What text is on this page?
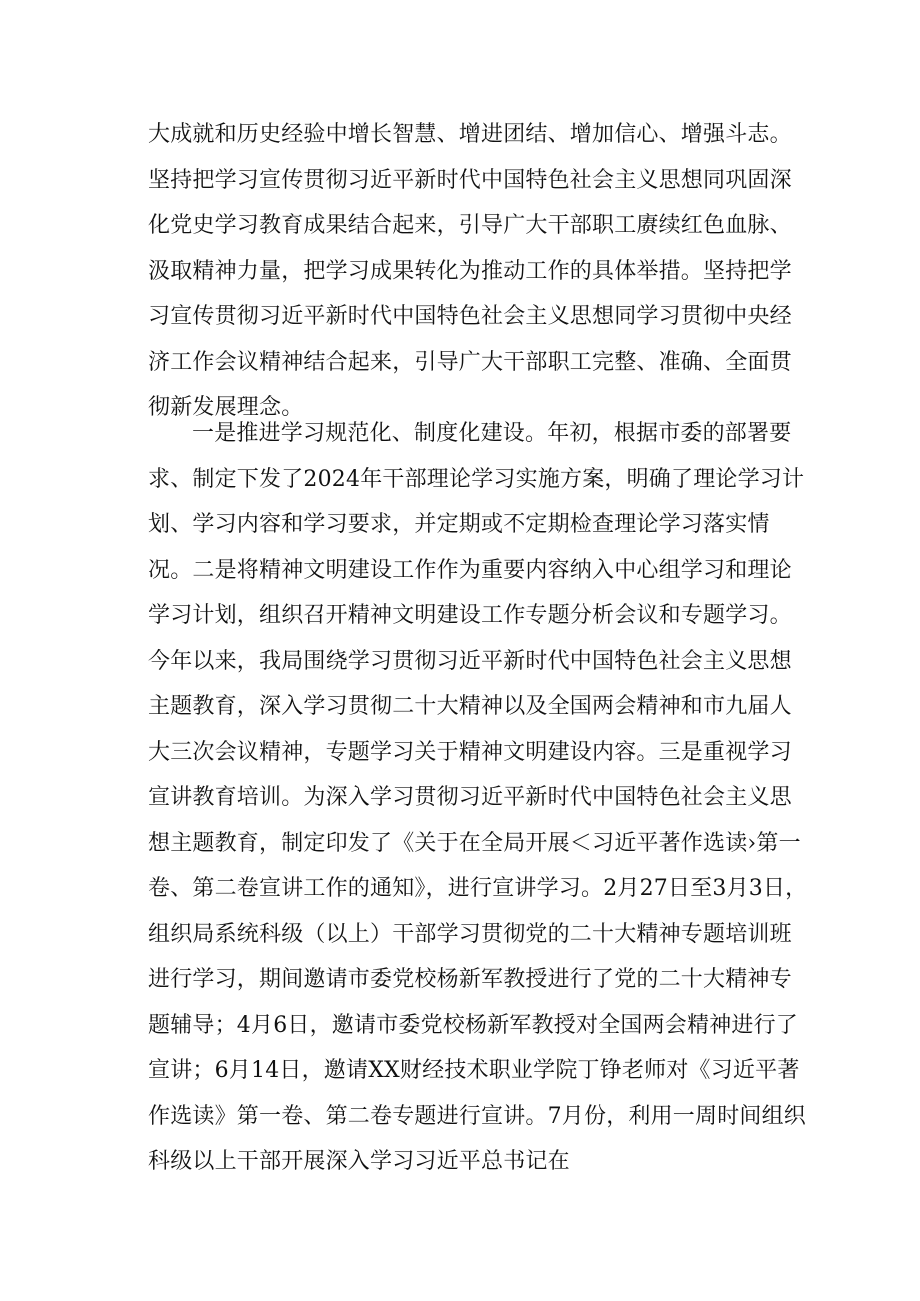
大成就和历史经验中增长智慧、增进团结、增加信心、增强斗志。坚持把学习宣传贯彻习近平新时代中国特色社会主义思想同巩固深化党史学习教育成果结合起来，引导广大干部职工赓续红色血脉、汲取精神力量，把学习成果转化为推动工作的具体举措。坚持把学习宣传贯彻习近平新时代中国特色社会主义思想同学习贯彻中央经济工作会议精神结合起来，引导广大干部职工完整、准确、全面贯彻新发展理念。

一是推进学习规范化、制度化建设。年初，根据市委的部署要求、制定下发了2024年干部理论学习实施方案，明确了理论学习计划、学习内容和学习要求，并定期或不定期检查理论学习落实情况。二是将精神文明建设工作作为重要内容纳入中心组学习和理论学习计划，组织召开精神文明建设工作专题分析会议和专题学习。今年以来，我局围绕学习贯彻习近平新时代中国特色社会主义思想主题教育，深入学习贯彻二十大精神以及全国两会精神和市九届人大三次会议精神，专题学习关于精神文明建设内容。三是重视学习宣讲教育培训。为深入学习贯彻习近平新时代中国特色社会主义思想主题教育，制定印发了《关于在全局开展＜习近平著作选读›第一卷、第二卷宣讲工作的通知》，进行宣讲学习。2月27日至3月3日，组织局系统科级（以上）干部学习贯彻党的二十大精神专题培训班进行学习，期间邀请市委党校杨新军教授进行了党的二十大精神专题辅导；4月6日，邀请市委党校杨新军教授对全国两会精神进行了宣讲；6月14日，邀请XX财经技术职业学院丁铮老师对《习近平著作选读》第一卷、第二卷专题进行宣讲。7月份，利用一周时间组织科级以上干部开展深入学习习近平总书记在
